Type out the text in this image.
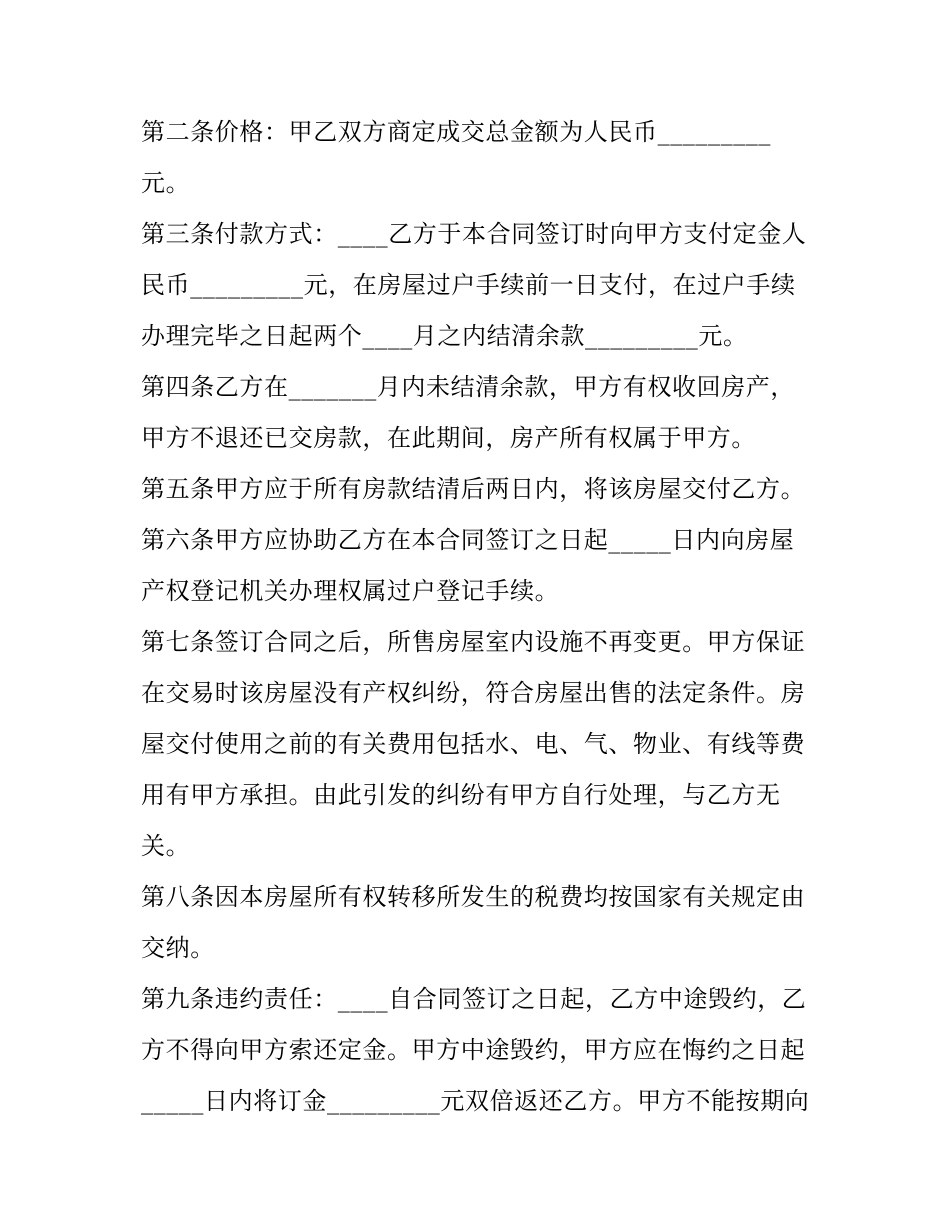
第二条价格：甲乙双方商定成交总金额为人民币_________
元。
第三条付款方式：____乙方于本合同签订时向甲方支付定金人
民币_________元，在房屋过户手续前一日支付，在过户手续
办理完毕之日起两个____月之内结清余款_________元。
第四条乙方在_______月内未结清余款，甲方有权收回房产，
甲方不退还已交房款，在此期间，房产所有权属于甲方。
第五条甲方应于所有房款结清后两日内，将该房屋交付乙方。
第六条甲方应协助乙方在本合同签订之日起_____日内向房屋
产权登记机关办理权属过户登记手续。
第七条签订合同之后，所售房屋室内设施不再变更。甲方保证
在交易时该房屋没有产权纠纷，符合房屋出售的法定条件。房
屋交付使用之前的有关费用包括水、电、气、物业、有线等费
用有甲方承担。由此引发的纠纷有甲方自行处理，与乙方无
关。
第八条因本房屋所有权转移所发生的税费均按国家有关规定由
交纳。
第九条违约责任：____自合同签订之日起，乙方中途毁约，乙
方不得向甲方索还定金。甲方中途毁约，甲方应在悔约之日起
_____日内将订金_________元双倍返还乙方。甲方不能按期向
